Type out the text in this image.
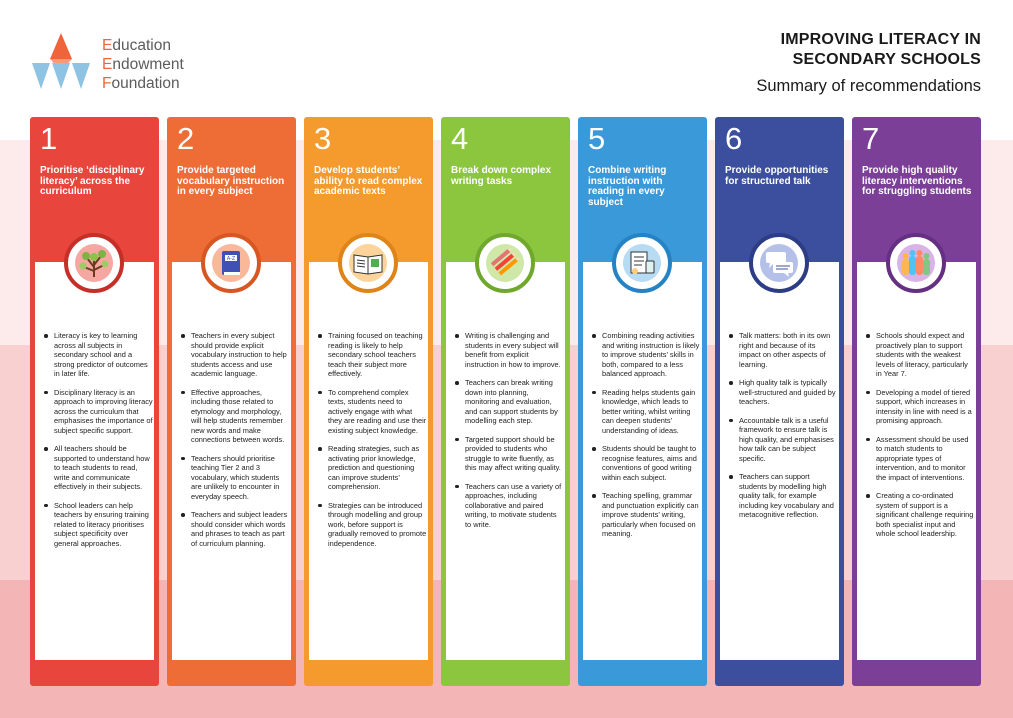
Education
Endowment
Foundation
IMPROVING LITERACY IN
SECONDARY SCHOOLS
Summary of recommendations
1
Prioritise ‘disciplinary literacy’ across the curriculum
Literacy is key to learning across all subjects in secondary school and a strong predictor of outcomes in later life.
Disciplinary literacy is an approach to improving literacy across the curriculum that emphasises the importance of subject specific support.
All teachers should be supported to understand how to teach students to read, write and communicate effectively in their subjects.
School leaders can help teachers by ensuring training related to literacy prioritises subject specificity over general approaches.
2
Provide targeted vocabulary instruction in every subject
A-Z
Teachers in every subject should provide explicit vocabulary instruction to help students access and use academic language.
Effective approaches, including those related to etymology and morphology, will help students remember new words and make connections between words.
Teachers should prioritise teaching Tier 2 and 3 vocabulary, which students are unlikely to encounter in everyday speech.
Teachers and subject leaders should consider which words and phrases to teach as part of curriculum planning.
3
Develop students’ ability to read complex academic texts
Training focused on teaching reading is likely to help secondary school teachers teach their subject more effectively.
To comprehend complex texts, students need to actively engage with what they are reading and use their existing subject knowledge.
Reading strategies, such as activating prior knowledge, prediction and questioning can improve students’ comprehension.
Strategies can be introduced through modelling and group work, before support is gradually removed to promote independence.
4
Break down complex writing tasks
Writing is challenging and students in every subject will benefit from explicit instruction in how to improve.
Teachers can break writing down into planning, monitoring and evaluation, and can support students by modelling each step.
Targeted support should be provided to students who struggle to write fluently, as this may affect writing quality.
Teachers can use a variety of approaches, including collaborative and paired writing, to motivate students to write.
5
Combine writing instruction with reading in every subject
Combining reading activities and writing instruction is likely to improve students’ skills in both, compared to a less balanced approach.
Reading helps students gain knowledge, which leads to better writing, whilst writing can deepen students’ understanding of ideas.
Students should be taught to recognise features, aims and conventions of good writing within each subject.
Teaching spelling, grammar and punctuation explicitly can improve students’ writing, particularly when focused on meaning.
6
Provide opportunities for structured talk
Talk matters: both in its own right and because of its impact on other aspects of learning.
High quality talk is typically well-structured and guided by teachers.
Accountable talk is a useful framework to ensure talk is high quality, and emphasises how talk can be subject specific.
Teachers can support students by modelling high quality talk, for example including key vocabulary and metacognitive reflection.
7
Provide high quality literacy interventions for struggling students
Schools should expect and proactively plan to support students with the weakest levels of literacy, particularly in Year 7.
Developing a model of tiered support, which increases in intensity in line with need is a promising approach.
Assessment should be used to match students to appropriate types of intervention, and to monitor the impact of interventions.
Creating a co-ordinated system of support is a significant challenge requiring both specialist input and whole school leadership.
